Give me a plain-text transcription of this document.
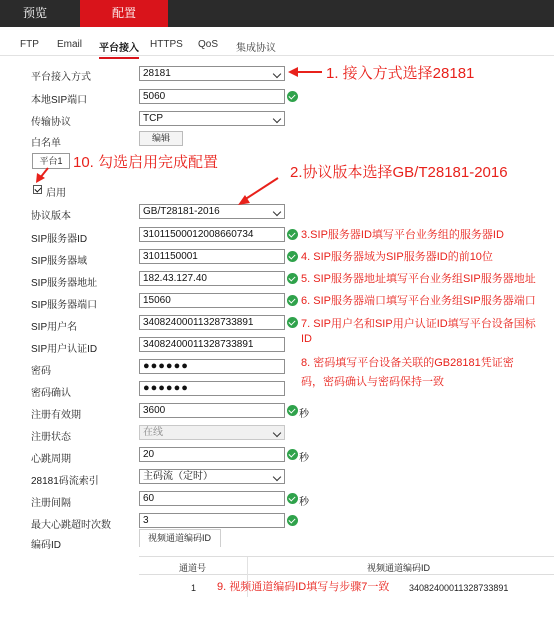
预览	配置
FTP Email 平台接入 HTTPS QoS 集成协议
平台接入方式	28181
本地SIP端口	5060
传输协议	TCP
白名单	编辑
平台1
启用
协议版本	GB/T28181-2016
SIP服务器ID	31011500012008660734
SIP服务器域	3101150001
SIP服务器地址	182.43.127.40
SIP服务器端口	15060
SIP用户名	34082400011328733891
SIP用户认证ID	34082400011328733891
密码	●●●●●●
密码确认	●●●●●●
注册有效期	3600	秒
注册状态	在线
心跳周期	20	秒
28181码流索引	主码流（定时）
注册间隔	60	秒
最大心跳超时次数	3
编码ID
视频通道编码ID
通道号	视频通道编码ID
1	34082400011328733891
1. 接入方式选择28181
10. 勾选启用完成配置
2.协议版本选择GB/T28181-2016
3.SIP服务器ID填写平台业务组的服务器ID
4. SIP服务器域为SIP服务器ID的前10位
5. SIP服务器地址填写平台业务组SIP服务器地址
6. SIP服务器端口填写平台业务组SIP服务器端口
7. SIP用户名和SIP用户认证ID填写平台设备国标
ID
8. 密码填写平台设备关联的GB28181凭证密
码，密码确认与密码保持一致
9. 视频通道编码ID填写与步骤7一致
